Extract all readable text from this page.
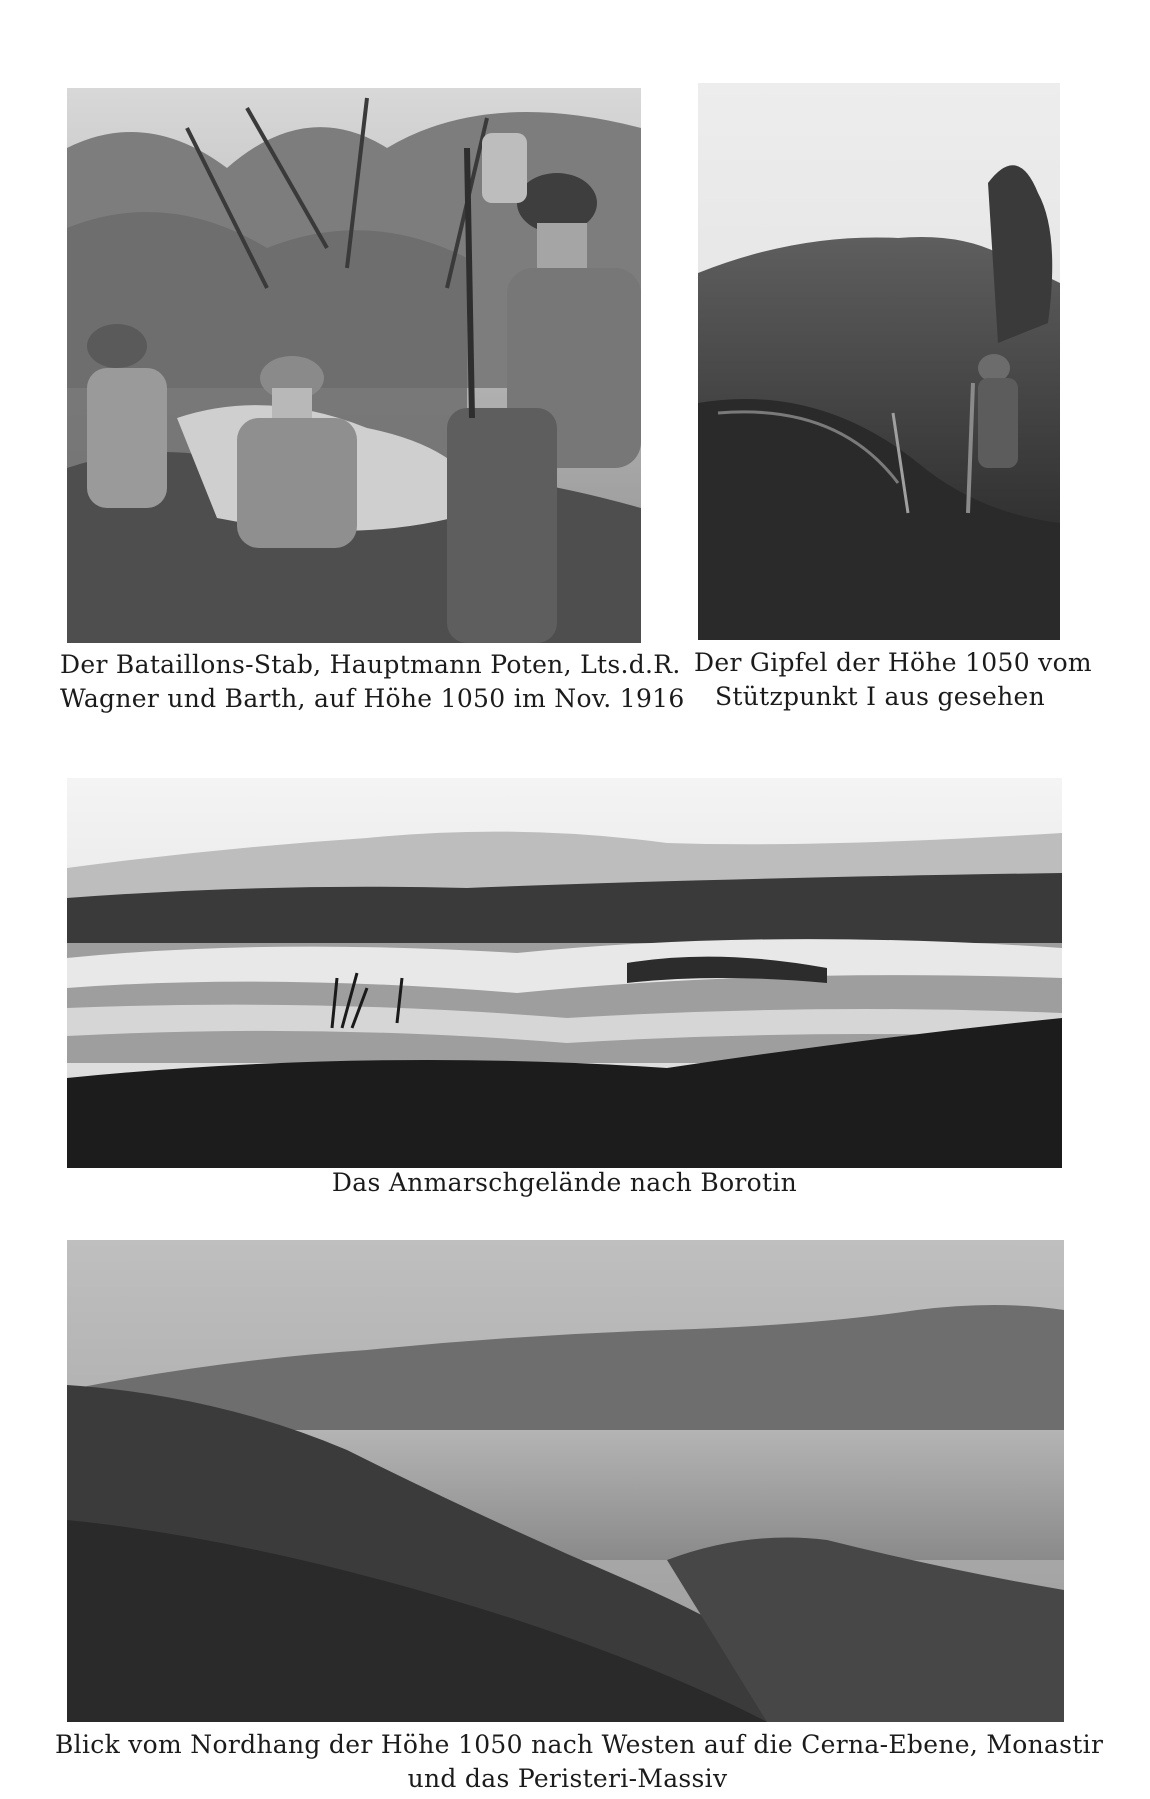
Der Bataillons-Stab, Hauptmann Poten, Lts.d.R.
Wagner und Barth, auf Höhe 1050 im Nov. 1916
Der Gipfel der Höhe 1050 vom
Stützpunkt I aus gesehen
Das Anmarschgelände nach Borotin
Blick vom Nordhang der Höhe 1050 nach Westen auf die Cerna-Ebene, Monastir
und das Peristeri-Massiv
